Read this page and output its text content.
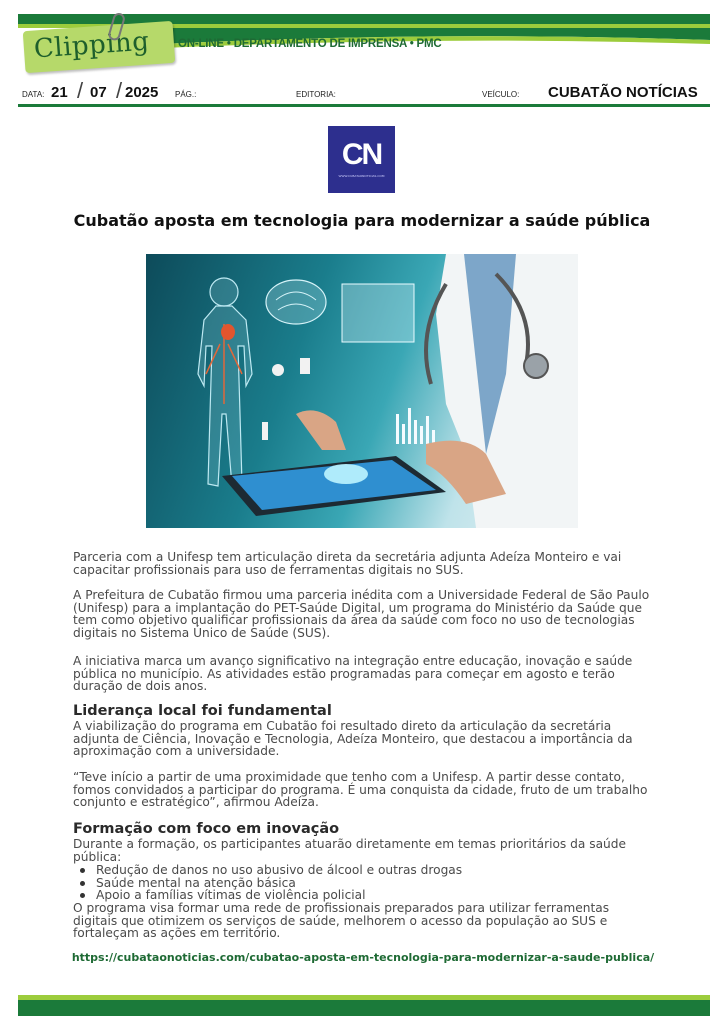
Clipping ON-LINE • DEPARTAMENTO DE IMPRENSA • PMC
DATA: 21 / 07 / 2025 PÁG.:	EDITORIA:	VEÍCULO: CUBATÃO NOTÍCIAS
CN
WWW.CUBATAONOTICIAS.COM
Cubatão aposta em tecnologia para modernizar a saúde pública
Parceria com a Unifesp tem articulação direta da secretária adjunta Adeíza Monteiro e vai capacitar profissionais para uso de ferramentas digitais no SUS.
A Prefeitura de Cubatão firmou uma parceria inédita com a Universidade Federal de São Paulo (Unifesp) para a implantação do PET-Saúde Digital, um programa do Ministério da Saúde que tem como objetivo qualificar profissionais da área da saúde com foco no uso de tecnologias digitais no Sistema Único de Saúde (SUS).
A iniciativa marca um avanço significativo na integração entre educação, inovação e saúde pública no município. As atividades estão programadas para começar em agosto e terão duração de dois anos.
Liderança local foi fundamental
A viabilização do programa em Cubatão foi resultado direto da articulação da secretária adjunta de Ciência, Inovação e Tecnologia, Adeíza Monteiro, que destacou a importância da aproximação com a universidade.
“Teve início a partir de uma proximidade que tenho com a Unifesp. A partir desse contato, fomos convidados a participar do programa. É uma conquista da cidade, fruto de um trabalho conjunto e estratégico”, afirmou Adeíza.
Formação com foco em inovação
Durante a formação, os participantes atuarão diretamente em temas prioritários da saúde pública:
Redução de danos no uso abusivo de álcool e outras drogas
Saúde mental na atenção básica
Apoio a famílias vítimas de violência policial
O programa visa formar uma rede de profissionais preparados para utilizar ferramentas digitais que otimizem os serviços de saúde, melhorem o acesso da população ao SUS e fortaleçam as ações em território.
https://cubataonoticias.com/cubatao-aposta-em-tecnologia-para-modernizar-a-saude-publica/
